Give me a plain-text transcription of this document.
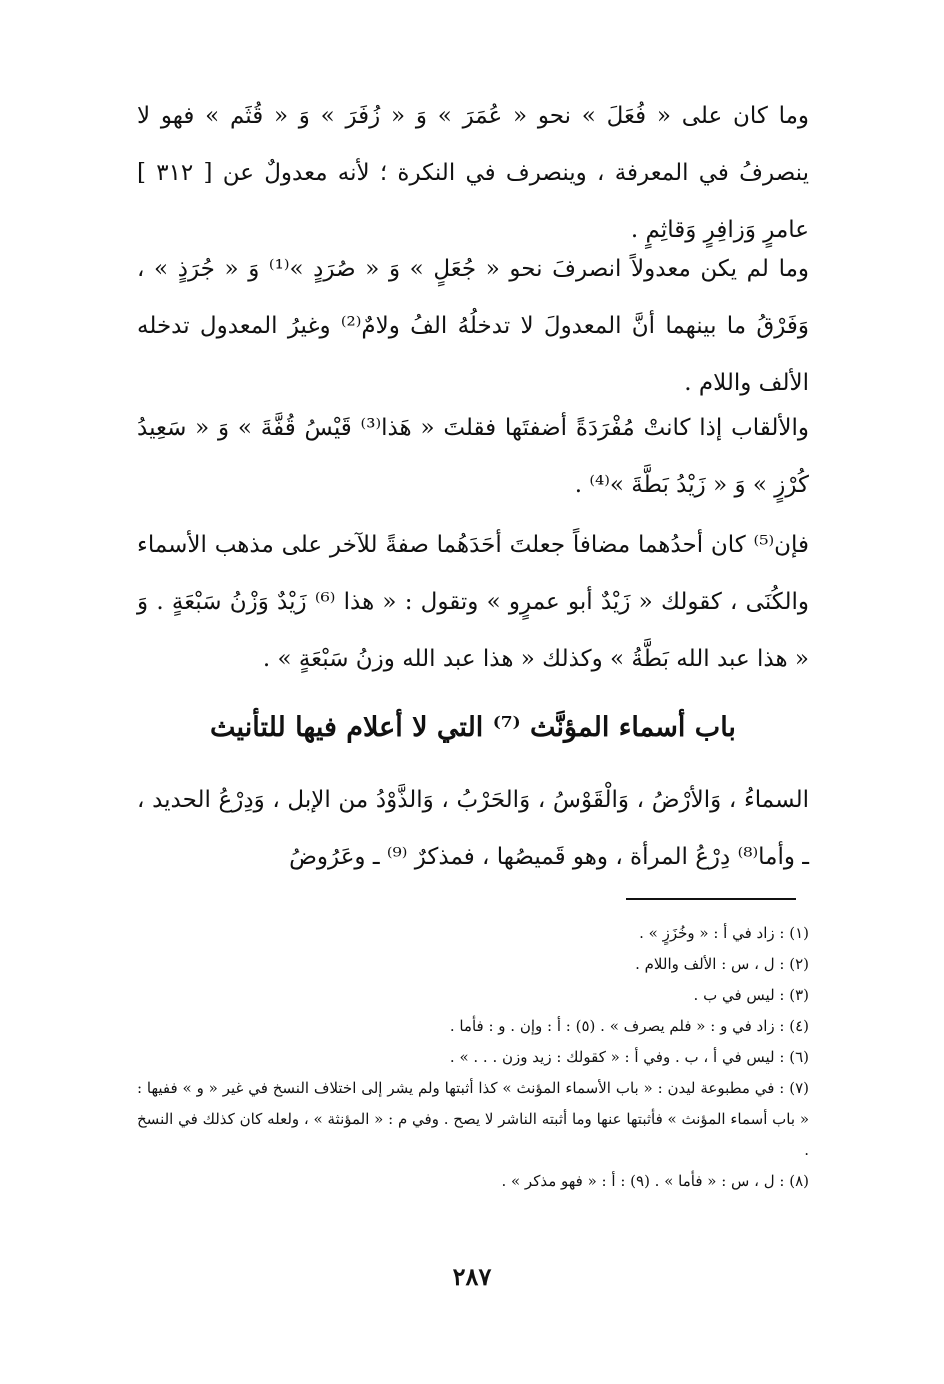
وما كان على « فُعَلَ » نحو « عُمَرَ » وَ « زُفَرَ » وَ « قُثَم » فهو لا ينصرفُ في المعرفة ، وينصرف في النكرة ؛ لأنه معدولٌ عن [ ٣١٢ ] عامرٍ وَزافِرٍ وَقاثِمٍ .

وما لم يكن معدولاً انصرفَ نحو « جُعَلٍ » وَ « صُرَدٍ »⁽¹⁾ وَ « جُرَذٍ » ، وَفَرْقُ ما بينهما أنَّ المعدولَ لا تدخلُهُ الفُ ولامٌ⁽²⁾ وغيرُ المعدول تدخله الألف واللام .

والألقاب إذا كانتْ مُفْرَدَةً أضفتَها فقلتَ « هَذا⁽³⁾ قَيْسُ قُفَّةَ » وَ « سَعِيدُ كُرْزٍ » وَ « زَيْدُ بَطَّةَ »⁽⁴⁾ .

فإن⁽⁵⁾ كان أحدُهما مضافاً جعلتَ أحَدَهُما صفةً للآخر على مذهب الأسماء والكُنَى ، كقولك « زَيْدٌ أبو عمرٍو » وتقول : « هذا ⁽⁶⁾ زَيْدٌ وَزْنُ سَبْعَةٍ . وَ « هذا عبد الله بَطَّةُ » وكذلك « هذا عبد الله وزنُ سَبْعَةٍ » .

باب أسماء المؤنَّث ⁽⁷⁾ التي لا أعلام فيها للتأنيث

السماءُ ، وَالأرْضُ ، وَالْقَوْسُ ، وَالحَرْبُ ، وَالذَّوْدُ من الإبل ، وَدِرْعُ الحديد ، ـ وأما⁽⁸⁾ دِرْعُ المرأة ، وهو قَميصُها ، فمذكرٌ ⁽⁹⁾ ـ وعَرُوضُ

(١) : زاد في أ : « وخُزَزٍ » .
(٢) : ل ، س : الألف واللام .
(٣) : ليس في ب .
(٤) : زاد في و : « فلم يصرف » . (٥) : أ : وإن . و : فأما .
(٦) : ليس في أ ، ب . وفي أ : « كقولك : زيد وزن . . . » .
(٧) : في مطبوعة ليدن : « باب الأسماء المؤنث » كذا أثبتها ولم يشر إلى اختلاف النسخ في غير « و » ففيها : « باب أسماء المؤنث » فأثبتها عنها وما أثبته الناشر لا يصح . وفي م : « المؤنثة » ، ولعله كان كذلك في النسخ .
(٨) : ل ، س : « فأما » . (٩) : أ : « فهو مذكر » .
٢٨٧
